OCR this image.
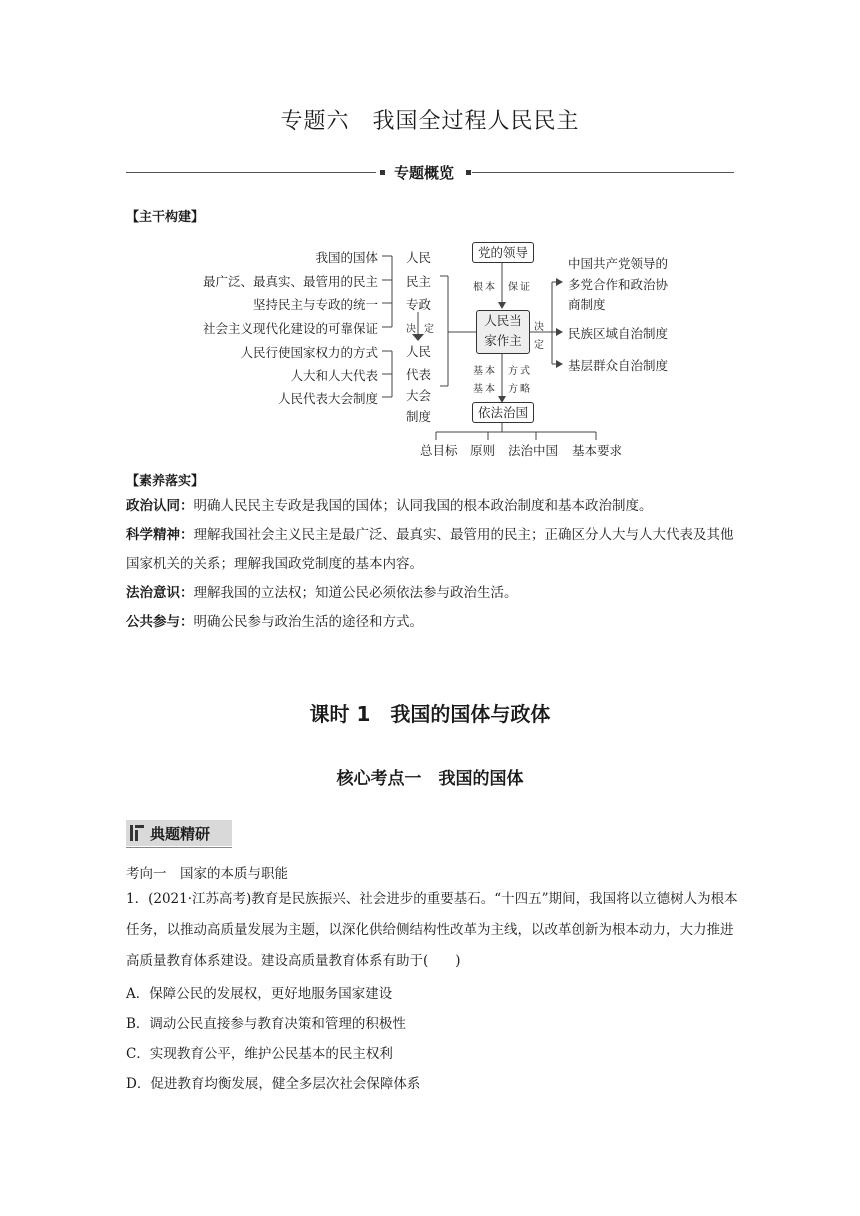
专题六　我国全过程人民民主
专题概览
【主干构建】
我国的国体
最广泛、最真实、最管用的民主
坚持民主与专政的统一
社会主义现代化建设的可靠保证
人民行使国家权力的方式
人大和人大代表
人民代表大会制度
人民
民主
专政
决 定
人民
代表
大会
制度
党的领导
根本 保证
人民当
家作主
基本 方式
基本 方略
依法治国
决
定
中国共产党领导的
多党合作和政治协
商制度
民族区域自治制度
基层群众自治制度
总目标 原则 法治中国 基本要求
【素养落实】
政治认同：明确人民民主专政是我国的国体；认同我国的根本政治制度和基本政治制度。
科学精神：理解我国社会主义民主是最广泛、最真实、最管用的民主；正确区分人大与人大代表及其他国家机关的关系；理解我国政党制度的基本内容。
法治意识：理解我国的立法权；知道公民必须依法参与政治生活。
公共参与：明确公民参与政治生活的途径和方式。
课时 1　我国的国体与政体
核心考点一　我国的国体
典题精研
考向一　国家的本质与职能
1．(2021·江苏高考)教育是民族振兴、社会进步的重要基石。“十四五”期间，我国将以立德树人为根本任务，以推动高质量发展为主题，以深化供给侧结构性改革为主线，以改革创新为根本动力，大力推进高质量教育体系建设。建设高质量教育体系有助于(　　)
A．保障公民的发展权，更好地服务国家建设
B．调动公民直接参与教育决策和管理的积极性
C．实现教育公平，维护公民基本的民主权利
D．促进教育均衡发展，健全多层次社会保障体系
